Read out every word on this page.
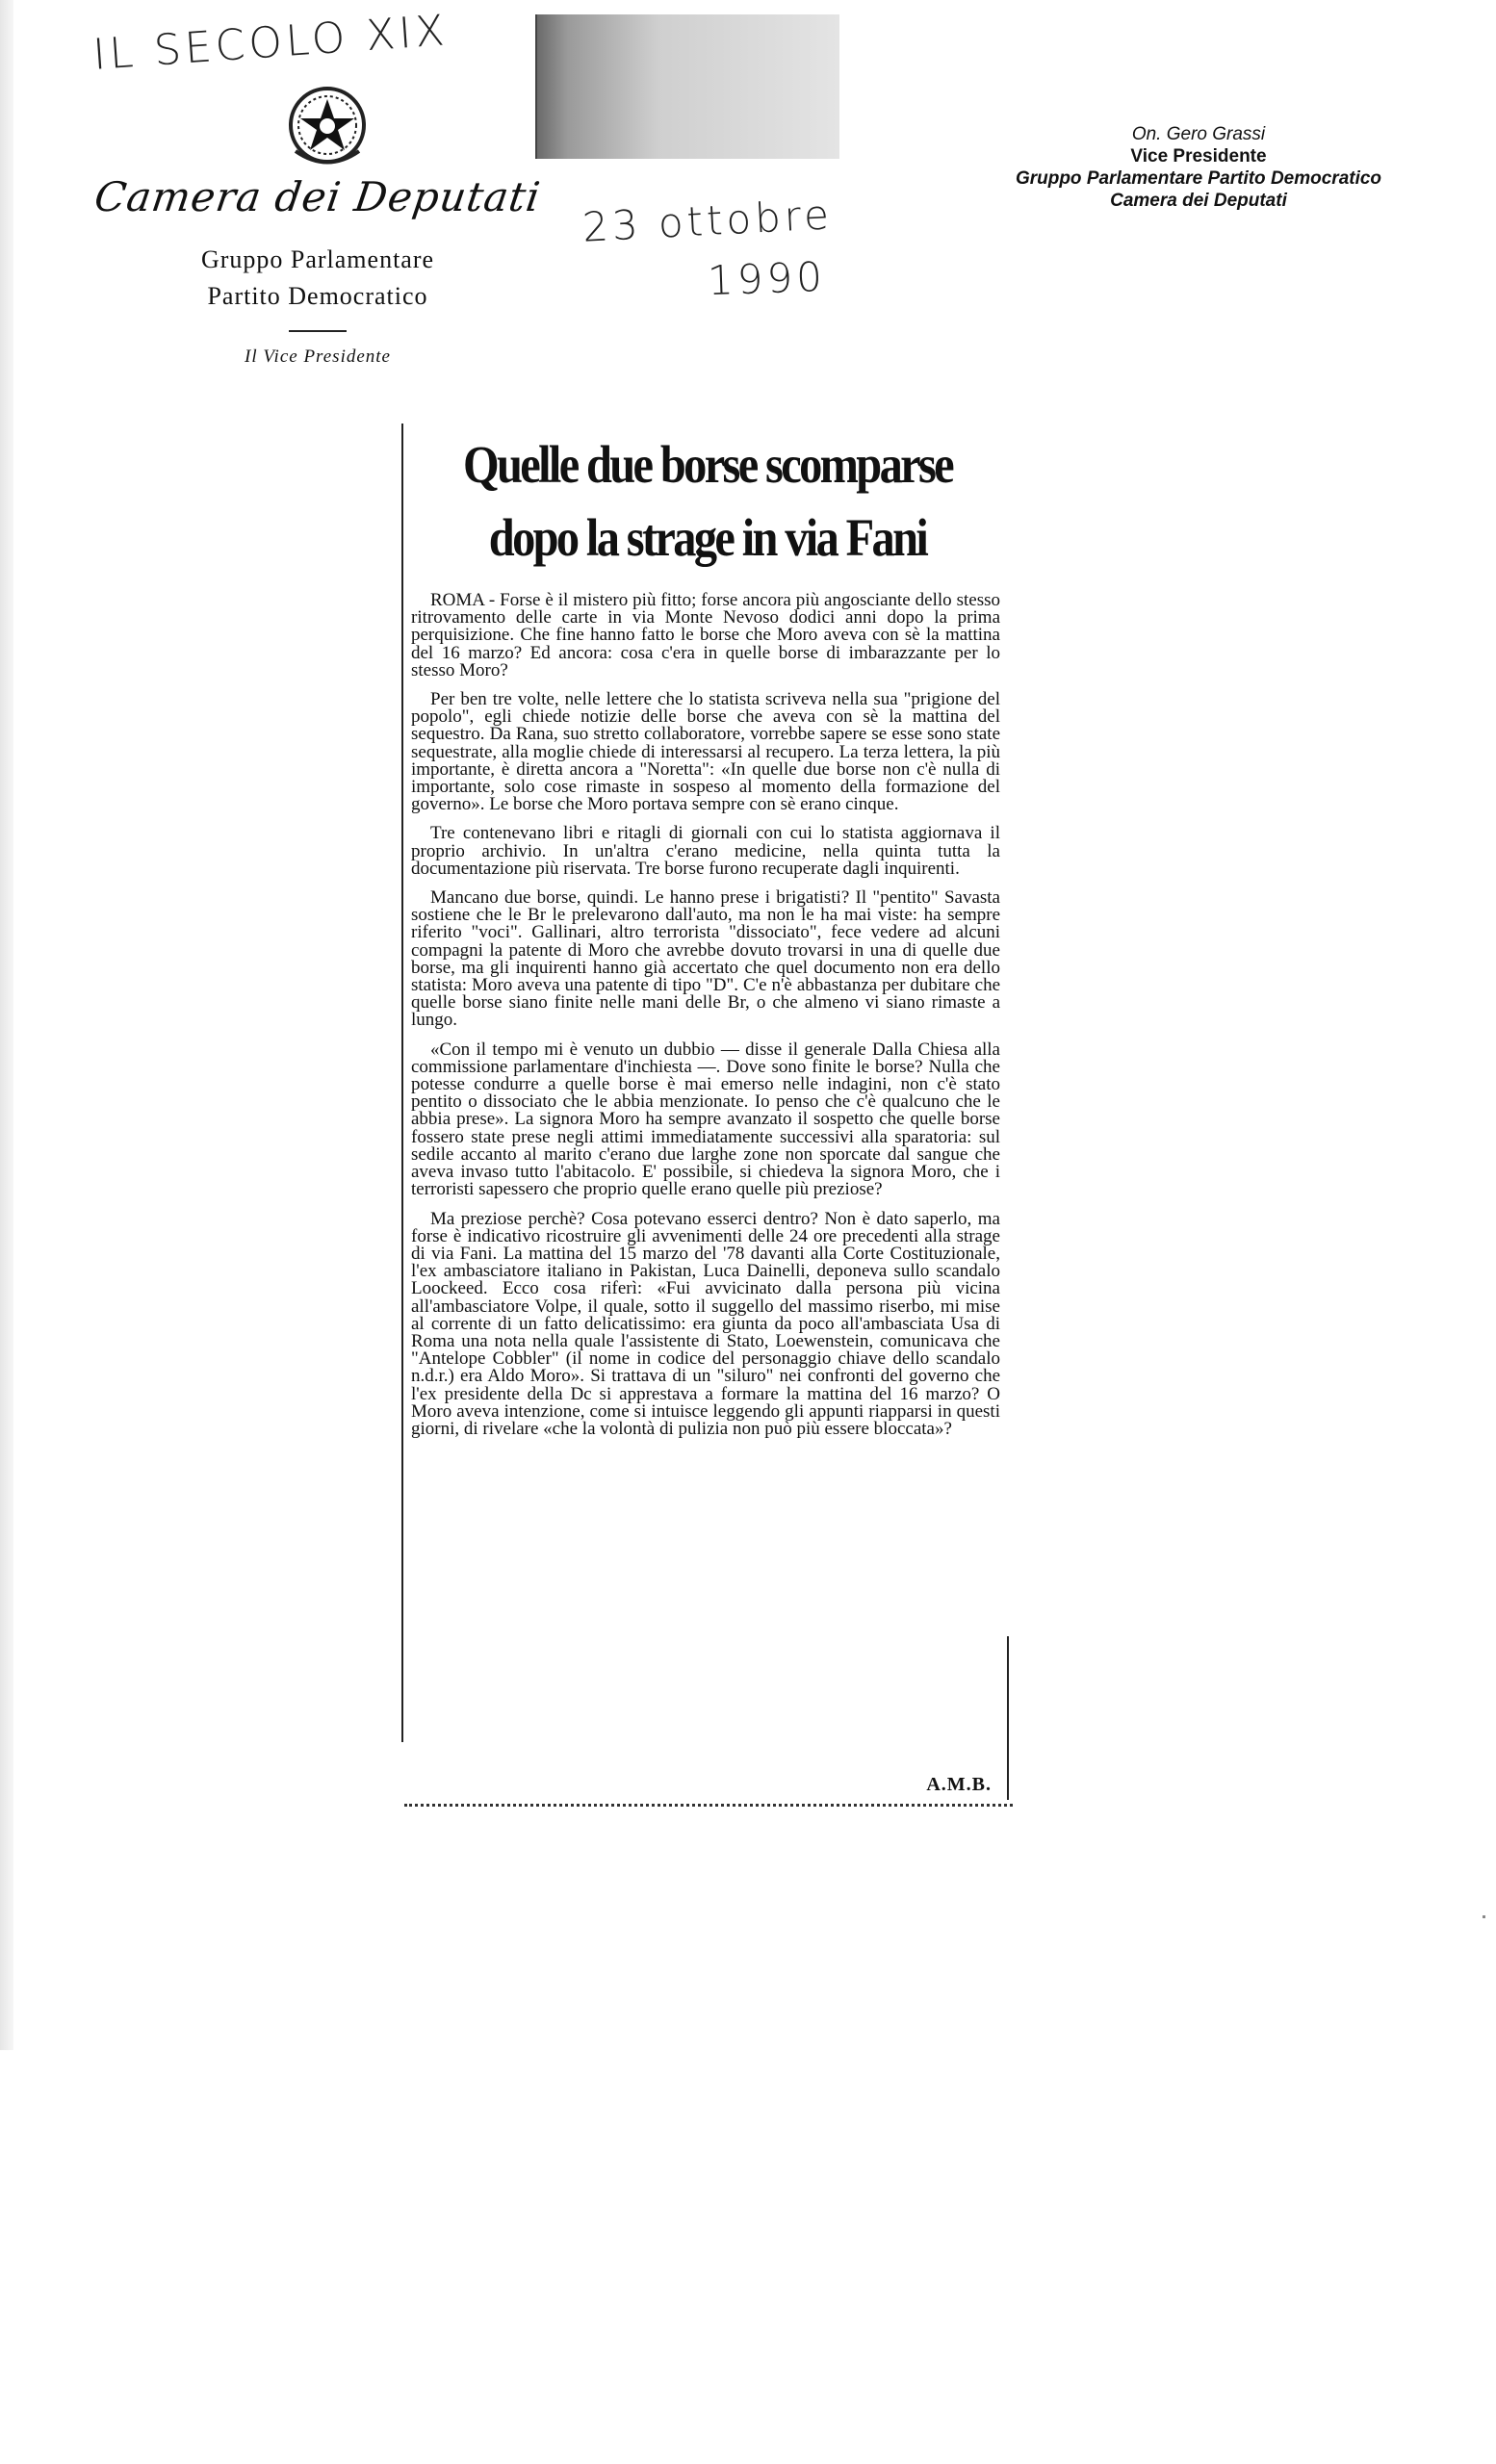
IL SECOLO XIX
23 ottobre
1990
Camera dei Deputati
Gruppo Parlamentare
Partito Democratico
Il Vice Presidente
On. Gero Grassi
Vice Presidente
Gruppo Parlamentare Partito Democratico
Camera dei Deputati
Quelle due borse scomparse
dopo la strage in via Fani

ROMA - Forse è il mistero più fitto; forse ancora più angosciante dello stesso ritrovamento delle carte in via Monte Nevoso dodici anni dopo la prima perquisizione. Che fine hanno fatto le borse che Moro aveva con sè la mattina del 16 marzo? Ed ancora: cosa c'era in quelle borse di imbarazzante per lo stesso Moro?

Per ben tre volte, nelle lettere che lo statista scriveva nella sua "prigione del popolo", egli chiede notizie delle borse che aveva con sè la mattina del sequestro. Da Rana, suo stretto collaboratore, vorrebbe sapere se esse sono state sequestrate, alla moglie chiede di interessarsi al recupero. La terza lettera, la più importante, è diretta ancora a "Noretta": «In quelle due borse non c'è nulla di importante, solo cose rimaste in sospeso al momento della formazione del governo». Le borse che Moro portava sempre con sè erano cinque.

Tre contenevano libri e ritagli di giornali con cui lo statista aggiornava il proprio archivio. In un'altra c'erano medicine, nella quinta tutta la documentazione più riservata. Tre borse furono recuperate dagli inquirenti.

Mancano due borse, quindi. Le hanno prese i brigatisti? Il "pentito" Savasta sostiene che le Br le prelevarono dall'auto, ma non le ha mai viste: ha sempre riferito "voci". Gallinari, altro terrorista "dissociato", fece vedere ad alcuni compagni la patente di Moro che avrebbe dovuto trovarsi in una di quelle due borse, ma gli inquirenti hanno già accertato che quel documento non era dello statista: Moro aveva una patente di tipo "D". C'e n'è abbastanza per dubitare che quelle borse siano finite nelle mani delle Br, o che almeno vi siano rimaste a lungo.

«Con il tempo mi è venuto un dubbio — disse il generale Dalla Chiesa alla commissione parlamentare d'inchiesta —. Dove sono finite le borse? Nulla che potesse condurre a quelle borse è mai emerso nelle indagini, non c'è stato pentito o dissociato che le abbia menzionate. Io penso che c'è qualcuno che le abbia prese». La signora Moro ha sempre avanzato il sospetto che quelle borse fossero state prese negli attimi immediatamente successivi alla sparatoria: sul sedile accanto al marito c'erano due larghe zone non sporcate dal sangue che aveva invaso tutto l'abitacolo. E' possibile, si chiedeva la signora Moro, che i terroristi sapessero che proprio quelle erano quelle più preziose?

Ma preziose perchè? Cosa potevano esserci dentro? Non è dato saperlo, ma forse è indicativo ricostruire gli avvenimenti delle 24 ore precedenti alla strage di via Fani. La mattina del 15 marzo del '78 davanti alla Corte Costituzionale, l'ex ambasciatore italiano in Pakistan, Luca Dainelli, deponeva sullo scandalo Loockeed. Ecco cosa riferì: «Fui avvicinato dalla persona più vicina all'ambasciatore Volpe, il quale, sotto il suggello del massimo riserbo, mi mise al corrente di un fatto delicatissimo: era giunta da poco all'ambasciata Usa di Roma una nota nella quale l'assistente di Stato, Loewenstein, comunicava che "Antelope Cobbler" (il nome in codice del personaggio chiave dello scandalo n.d.r.) era Aldo Moro». Si trattava di un "siluro" nei confronti del governo che l'ex presidente della Dc si apprestava a formare la mattina del 16 marzo? O Moro aveva intenzione, come si intuisce leggendo gli appunti riapparsi in questi giorni, di rivelare «che la volontà di pulizia non può più essere bloccata»?

A.M.B.
